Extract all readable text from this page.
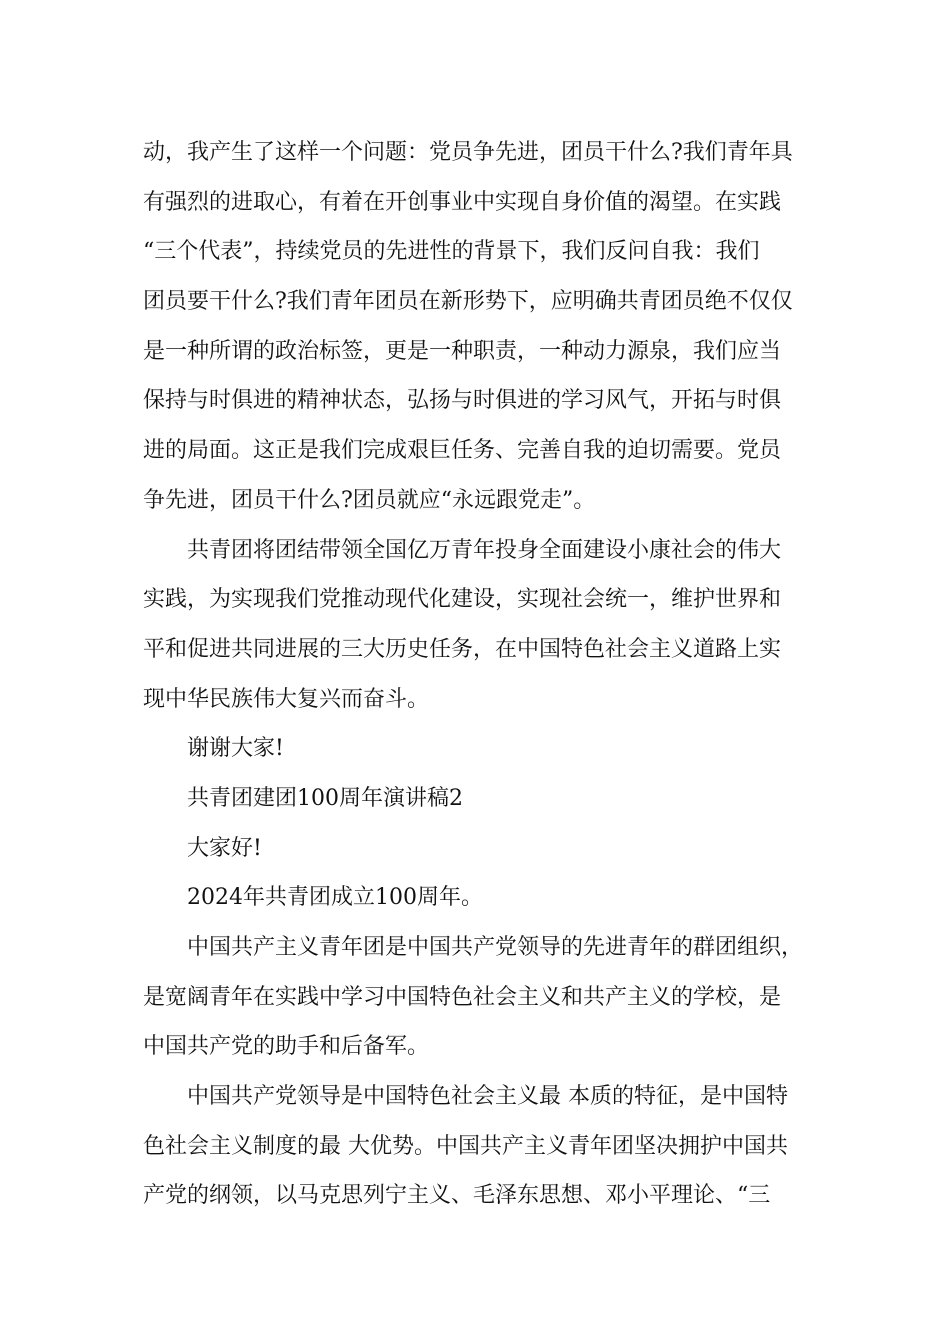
动，我产生了这样一个问题：党员争先进，团员干什么?我们青年具
有强烈的进取心，有着在开创事业中实现自身价值的渴望。在实践
“三个代表”，持续党员的先进性的背景下，我们反问自我：我们
团员要干什么?我们青年团员在新形势下，应明确共青团员绝不仅仅
是一种所谓的政治标签，更是一种职责，一种动力源泉，我们应当
保持与时俱进的精神状态，弘扬与时俱进的学习风气，开拓与时俱
进的局面。这正是我们完成艰巨任务、完善自我的迫切需要。党员
争先进，团员干什么?团员就应“永远跟党走”。
共青团将团结带领全国亿万青年投身全面建设小康社会的伟大
实践，为实现我们党推动现代化建设，实现社会统一，维护世界和
平和促进共同进展的三大历史任务，在中国特色社会主义道路上实
现中华民族伟大复兴而奋斗。
谢谢大家!
共青团建团100周年演讲稿2
大家好!
2024年共青团成立100周年。
中国共产主义青年团是中国共产党领导的先进青年的群团组织，
是宽阔青年在实践中学习中国特色社会主义和共产主义的学校，是
中国共产党的助手和后备军。
中国共产党领导是中国特色社会主义最 本质的特征，是中国特
色社会主义制度的最 大优势。中国共产主义青年团坚决拥护中国共
产党的纲领，以马克思列宁主义、毛泽东思想、邓小平理论、“三
